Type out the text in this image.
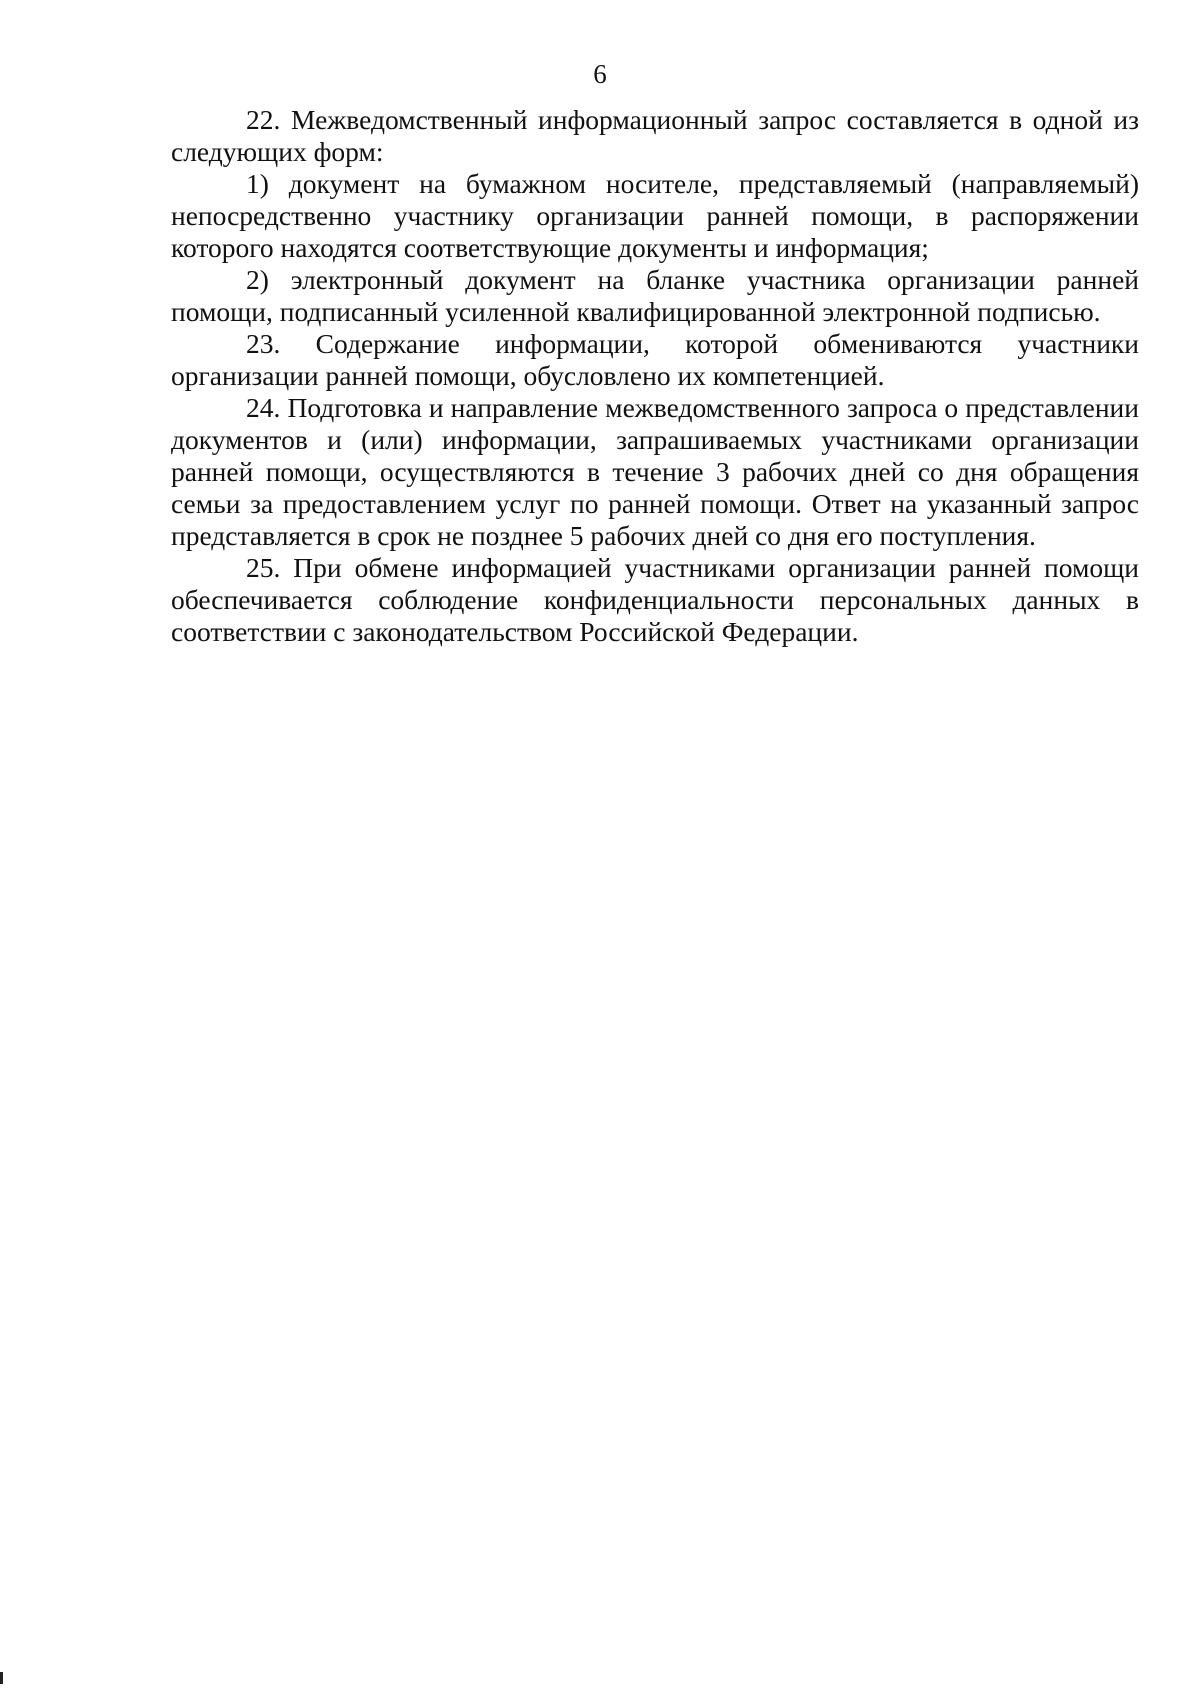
6

22. Межведомственный информационный запрос составляется в одной из следующих форм:

1) документ на бумажном носителе, представляемый (направляемый) непосредственно участнику организации ранней помощи, в распоряжении которого находятся соответствующие документы и информация;

2) электронный документ на бланке участника организации ранней помощи, подписанный усиленной квалифицированной электронной подписью.

23. Содержание информации, которой обмениваются участники организации ранней помощи, обусловлено их компетенцией.

24. Подготовка и направление межведомственного запроса о представлении документов и (или) информации, запрашиваемых участниками организации ранней помощи, осуществляются в течение 3 рабочих дней со дня обращения семьи за предоставлением услуг по ранней помощи. Ответ на указанный запрос представляется в срок не позднее 5 рабочих дней со дня его поступления.

25. При обмене информацией участниками организации ранней помощи обеспечивается соблюдение конфиденциальности персональных данных в соответствии с законодательством Российской Федерации.
